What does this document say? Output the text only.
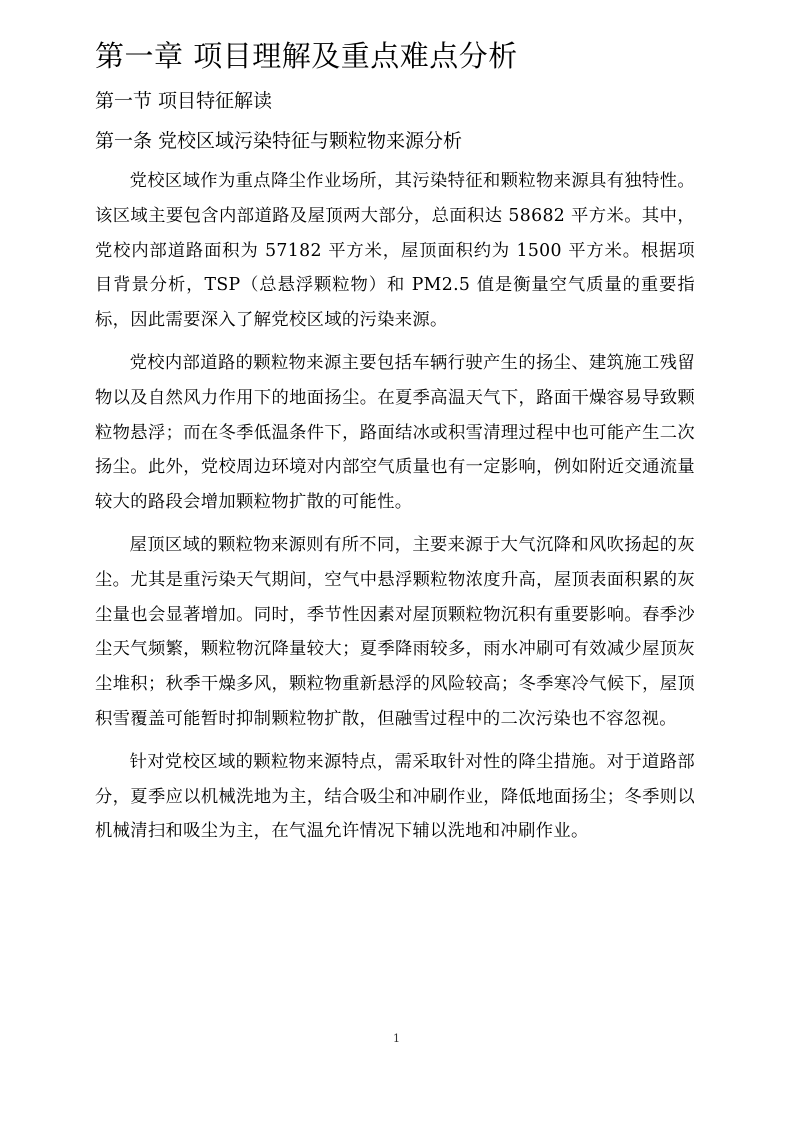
第一章 项目理解及重点难点分析
第一节 项目特征解读
第一条 党校区域污染特征与颗粒物来源分析

党校区域作为重点降尘作业场所，其污染特征和颗粒物来源具有独特性。该区域主要包含内部道路及屋顶两大部分，总面积达 58682 平方米。其中，党校内部道路面积为 57182 平方米，屋顶面积约为 1500 平方米。根据项目背景分析，TSP（总悬浮颗粒物）和 PM2.5 值是衡量空气质量的重要指标，因此需要深入了解党校区域的污染来源。

党校内部道路的颗粒物来源主要包括车辆行驶产生的扬尘、建筑施工残留物以及自然风力作用下的地面扬尘。在夏季高温天气下，路面干燥容易导致颗粒物悬浮；而在冬季低温条件下，路面结冰或积雪清理过程中也可能产生二次扬尘。此外，党校周边环境对内部空气质量也有一定影响，例如附近交通流量较大的路段会增加颗粒物扩散的可能性。

屋顶区域的颗粒物来源则有所不同，主要来源于大气沉降和风吹扬起的灰尘。尤其是重污染天气期间，空气中悬浮颗粒物浓度升高，屋顶表面积累的灰尘量也会显著增加。同时，季节性因素对屋顶颗粒物沉积有重要影响。春季沙尘天气频繁，颗粒物沉降量较大；夏季降雨较多，雨水冲刷可有效减少屋顶灰尘堆积；秋季干燥多风，颗粒物重新悬浮的风险较高；冬季寒冷气候下，屋顶积雪覆盖可能暂时抑制颗粒物扩散，但融雪过程中的二次污染也不容忽视。

针对党校区域的颗粒物来源特点，需采取针对性的降尘措施。对于道路部分，夏季应以机械洗地为主，结合吸尘和冲刷作业，降低地面扬尘；冬季则以机械清扫和吸尘为主，在气温允许情况下辅以洗地和冲刷作业。

1
